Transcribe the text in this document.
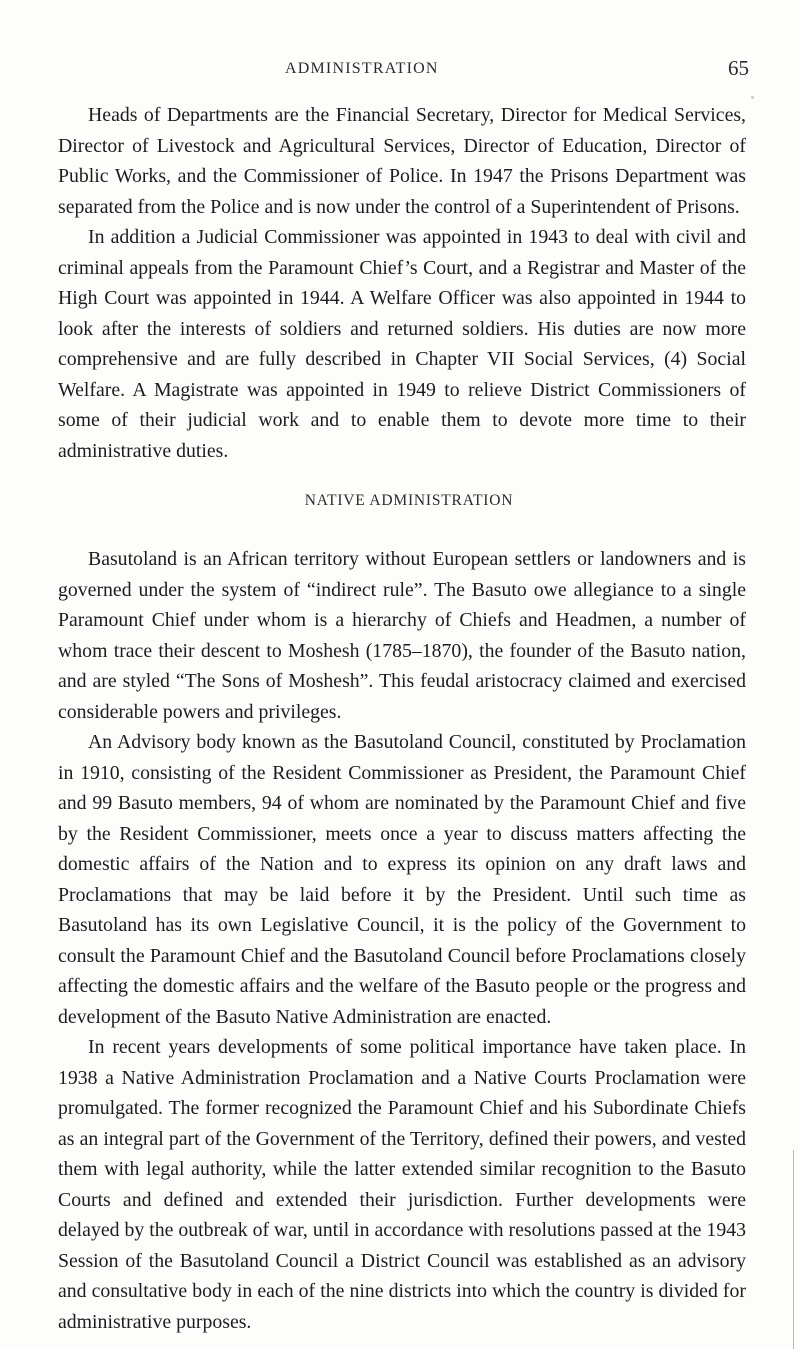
ADMINISTRATION	65

Heads of Departments are the Financial Secretary, Director for Medical Services, Director of Livestock and Agricultural Services, Director of Education, Director of Public Works, and the Commissioner of Police. In 1947 the Prisons Department was separated from the Police and is now under the control of a Superintendent of Prisons.

In addition a Judicial Commissioner was appointed in 1943 to deal with civil and criminal appeals from the Paramount Chief’s Court, and a Registrar and Master of the High Court was appointed in 1944. A Welfare Officer was also appointed in 1944 to look after the interests of soldiers and returned soldiers. His duties are now more comprehensive and are fully described in Chapter VII Social Services, (4) Social Welfare. A Magistrate was appointed in 1949 to relieve District Commissioners of some of their judicial work and to enable them to devote more time to their administrative duties.

NATIVE ADMINISTRATION

Basutoland is an African territory without European settlers or landowners and is governed under the system of “indirect rule”. The Basuto owe allegiance to a single Paramount Chief under whom is a hierarchy of Chiefs and Headmen, a number of whom trace their descent to Moshesh (1785–1870), the founder of the Basuto nation, and are styled “The Sons of Moshesh”. This feudal aristocracy claimed and exercised considerable powers and privileges.

An Advisory body known as the Basutoland Council, constituted by Proclamation in 1910, consisting of the Resident Commissioner as President, the Paramount Chief and 99 Basuto members, 94 of whom are nominated by the Paramount Chief and five by the Resident Commissioner, meets once a year to discuss matters affecting the domestic affairs of the Nation and to express its opinion on any draft laws and Proclamations that may be laid before it by the President. Until such time as Basutoland has its own Legislative Council, it is the policy of the Government to consult the Paramount Chief and the Basutoland Council before Proclamations closely affecting the domestic affairs and the welfare of the Basuto people or the progress and development of the Basuto Native Administration are enacted.

In recent years developments of some political importance have taken place. In 1938 a Native Administration Proclamation and a Native Courts Proclamation were promulgated. The former recognized the Paramount Chief and his Subordinate Chiefs as an integral part of the Government of the Territory, defined their powers, and vested them with legal authority, while the latter extended similar recognition to the Basuto Courts and defined and extended their jurisdiction. Further developments were delayed by the outbreak of war, until in accordance with resolutions passed at the 1943 Session of the Basutoland Council a District Council was established as an advisory and consultative body in each of the nine districts into which the country is divided for administrative purposes.
